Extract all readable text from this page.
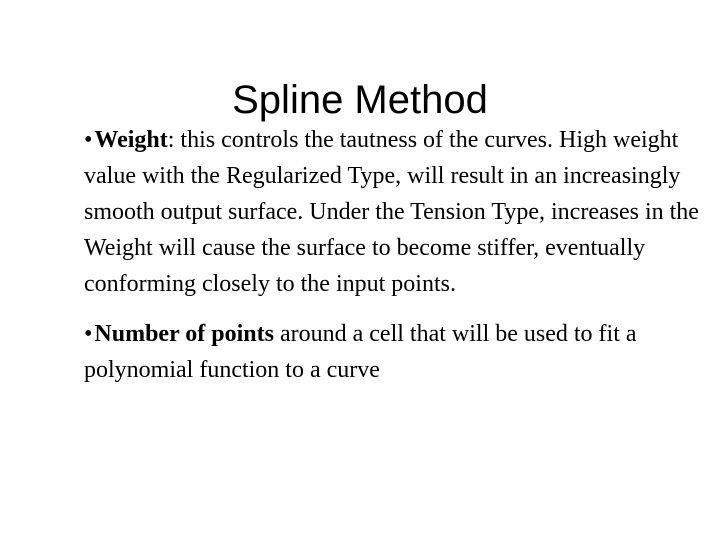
Spline Method

•Weight: this controls the tautness of the curves. High weight value with the Regularized Type, will result in an increasingly smooth output surface. Under the Tension Type, increases in the Weight will cause the surface to become stiffer, eventually conforming closely to the input points.

•Number of points around a cell that will be used to fit a polynomial function to a curve
